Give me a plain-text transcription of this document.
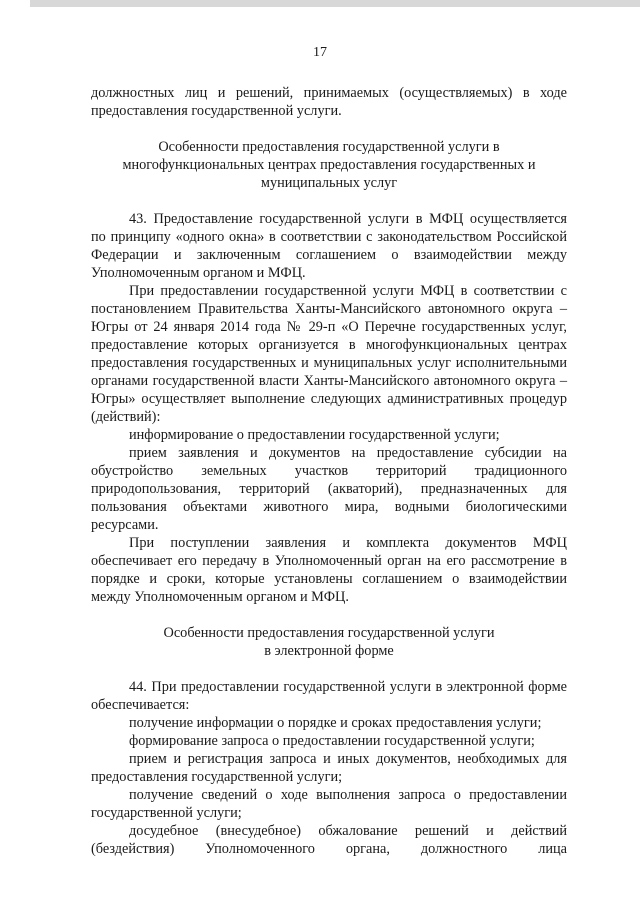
17

должностных лиц и решений, принимаемых (осуществляемых) в ходе предоставления государственной услуги.

Особенности предоставления государственной услуги в многофункциональных центрах предоставления государственных и муниципальных услуг

43. Предоставление государственной услуги в МФЦ осуществляется по принципу «одного окна» в соответствии с законодательством Российской Федерации и заключенным соглашением о взаимодействии между Уполномоченным органом и МФЦ.

При предоставлении государственной услуги МФЦ в соответствии с постановлением Правительства Ханты-Мансийского автономного округа – Югры от 24 января 2014 года № 29-п «О Перечне государственных услуг, предоставление которых организуется в многофункциональных центрах предоставления государственных и муниципальных услуг исполнительными органами государственной власти Ханты-Мансийского автономного округа – Югры» осуществляет выполнение следующих административных процедур (действий):

информирование о предоставлении государственной услуги;

прием заявления и документов на предоставление субсидии на обустройство земельных участков территорий традиционного природопользования, территорий (акваторий), предназначенных для пользования объектами животного мира, водными биологическими ресурсами.

При поступлении заявления и комплекта документов МФЦ обеспечивает его передачу в Уполномоченный орган на его рассмотрение в порядке и сроки, которые установлены соглашением о взаимодействии между Уполномоченным органом и МФЦ.

Особенности предоставления государственной услуги в электронной форме

44. При предоставлении государственной услуги в электронной форме обеспечивается:

получение информации о порядке и сроках предоставления услуги;

формирование запроса о предоставлении государственной услуги;

прием и регистрация запроса и иных документов, необходимых для предоставления государственной услуги;

получение сведений о ходе выполнения запроса о предоставлении государственной услуги;

досудебное (внесудебное) обжалование решений и действий (бездействия) Уполномоченного органа, должностного лица
